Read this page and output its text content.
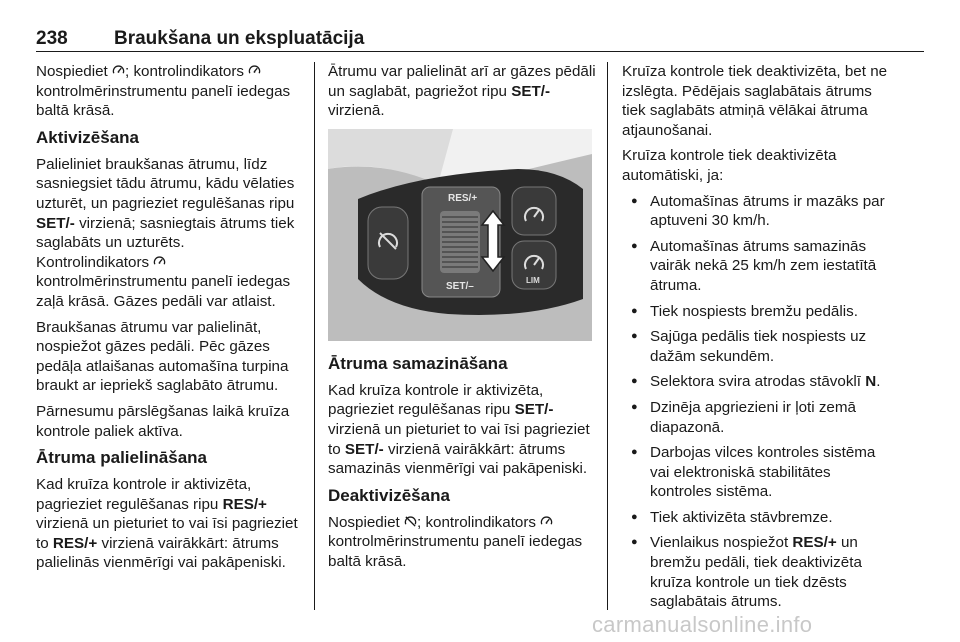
238	Braukšana un ekspluatācija

Nospiediet ; kontrolindikators  kontrolmērinstrumentu panelī iedegas baltā krāsā.

Aktivizēšana

Palieliniet braukšanas ātrumu, līdz sasniegsiet tādu ātrumu, kādu vēlaties uzturēt, un pagrieziet regulēšanas ripu SET/- virzienā; sasniegtais ātrums tiek saglabāts un uzturēts. Kontrolindikators  kontrolmērinstrumentu panelī iedegas zaļā krāsā. Gāzes pedāli var atlaist.

Braukšanas ātrumu var palielināt, nospiežot gāzes pedāli. Pēc gāzes pedāļa atlaišanas automašīna turpina braukt ar iepriekš saglabāto ātrumu.

Pārnesumu pārslēgšanas laikā kruīza kontrole paliek aktīva.

Ātruma palielināšana

Kad kruīza kontrole ir aktivizēta, pagrieziet regulēšanas ripu RES/+ virzienā un pieturiet to vai īsi pagrieziet to RES/+ virzienā vairākkārt: ātrums palielinās vienmērīgi vai pakāpeniski.

Ātrumu var palielināt arī ar gāzes pēdāli un saglabāt, pagriežot ripu SET/- virzienā.

RES/+
SET/–
LIM
Ātruma samazināšana

Kad kruīza kontrole ir aktivizēta, pagrieziet regulēšanas ripu SET/- virzienā un pieturiet to vai īsi pagrieziet to SET/- virzienā vairākkārt: ātrums samazinās vienmērīgi vai pakāpeniski.

Deaktivizēšana

Nospiediet ; kontrolindikators  kontrolmērinstrumentu panelī iedegas baltā krāsā.

Kruīza kontrole tiek deaktivizēta, bet ne izslēgta. Pēdējais saglabātais ātrums tiek saglabāts atmiņā vēlākai ātruma atjaunošanai.

Kruīza kontrole tiek deaktivizēta automātiski, ja:

● Automašīnas ātrums ir mazāks par aptuveni 30 km/h.
● Automašīnas ātrums samazinās vairāk nekā 25 km/h zem iestatītā ātruma.
● Tiek nospiests bremžu pedālis.
● Sajūga pedālis tiek nospiests uz dažām sekundēm.
● Selektora svira atrodas stāvoklī N.
● Dzinēja apgriezieni ir ļoti zemā diapazonā.
● Darbojas vilces kontroles sistēma vai elektroniskā stabilitātes kontroles sistēma.
● Tiek aktivizēta stāvbremze.
● Vienlaikus nospiežot RES/+ un bremžu pedāli, tiek deaktivizēta kruīza kontrole un tiek dzēsts saglabātais ātrums.
carmanualsonline.info
